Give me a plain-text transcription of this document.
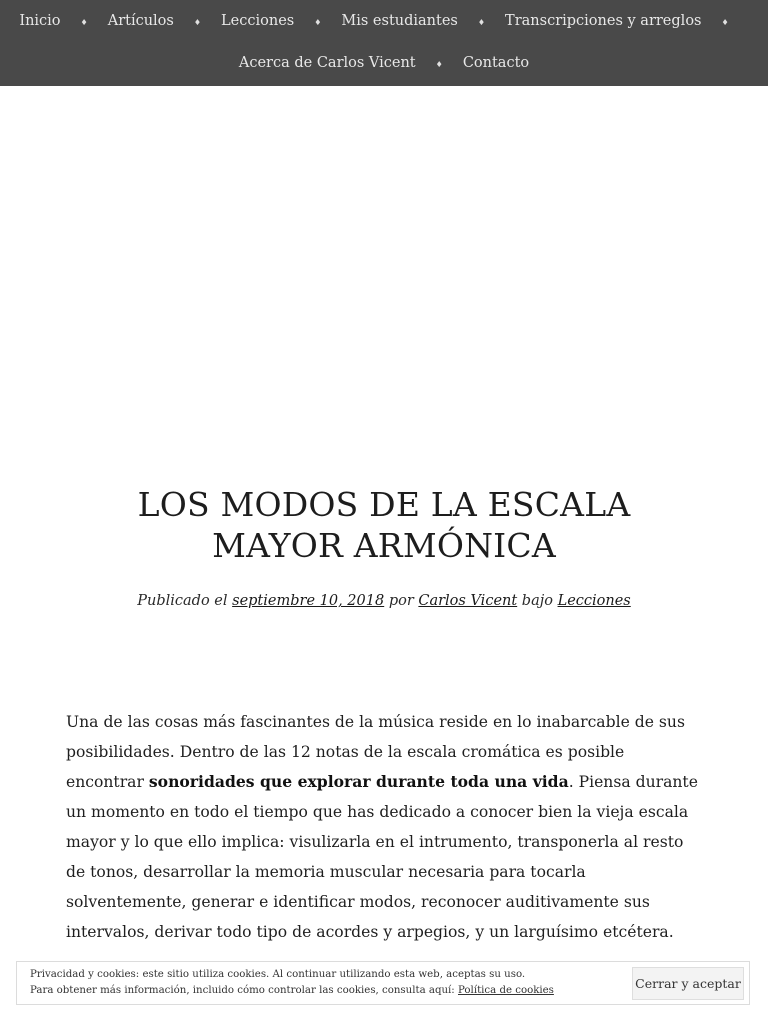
Inicio	♦ Artículos	♦ Lecciones	♦ Mis estudiantes	♦ Transcripciones y arreglos	♦
Acerca de Carlos Vicent	♦ Contacto
LOS MODOS DE LA ESCALA
MAYOR ARMÓNICA
Publicado el septiembre 10, 2018 por Carlos Vicent bajo Lecciones

Una de las cosas más fascinantes de la música reside en lo inabarcable de sus posibilidades. Dentro de las 12 notas de la escala cromática es posible encontrar sonoridades que explorar durante toda una vida. Piensa durante un momento en todo el tiempo que has dedicado a conocer bien la vieja escala mayor y lo que ello implica: visulizarla en el intrumento, transponerla al resto de tonos, desarrollar la memoria muscular necesaria para tocarla solventemente, generar e identificar modos, reconocer auditivamente sus intervalos, derivar todo tipo de acordes y arpegios, y un larguísimo etcétera.

Privacidad y cookies: este sitio utiliza cookies. Al continuar utilizando esta web, aceptas su uso.
Para obtener más información, incluido cómo controlar las cookies, consulta aquí: Política de cookies	Cerrar y aceptar
